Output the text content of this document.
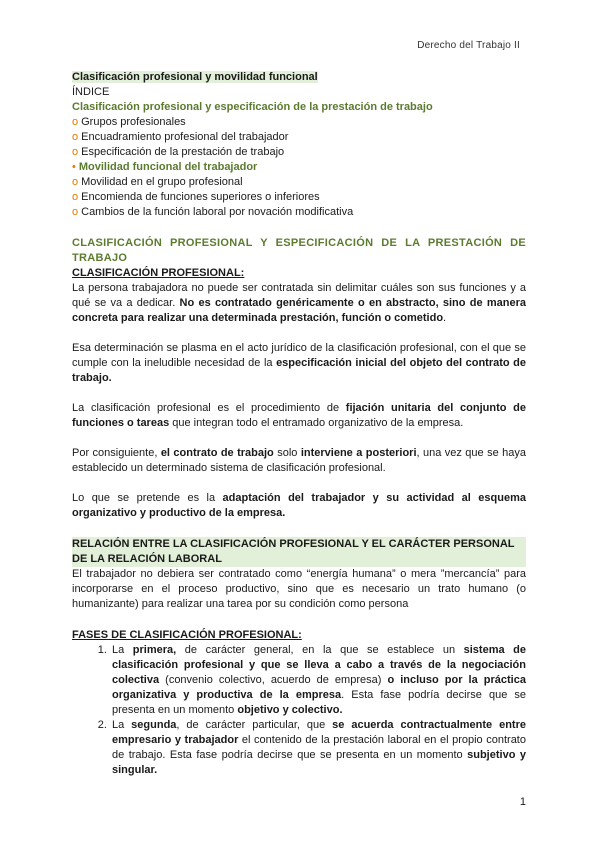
Derecho del Trabajo II
Clasificación profesional y movilidad funcional
ÍNDICE
Clasificación profesional y especificación de la prestación de trabajo
o Grupos profesionales
o Encuadramiento profesional del trabajador
o Especificación de la prestación de trabajo
• Movilidad funcional del trabajador
o Movilidad en el grupo profesional
o Encomienda de funciones superiores o inferiores
o Cambios de la función laboral por novación modificativa
CLASIFICACIÓN PROFESIONAL Y ESPECIFICACIÓN DE LA PRESTACIÓN DE TRABAJO
CLASIFICACIÓN PROFESIONAL:

La persona trabajadora no puede ser contratada sin delimitar cuáles son sus funciones y a qué se va a dedicar. No es contratado genéricamente o en abstracto, sino de manera concreta para realizar una determinada prestación, función o cometido.

Esa determinación se plasma en el acto jurídico de la clasificación profesional, con el que se cumple con la ineludible necesidad de la especificación inicial del objeto del contrato de trabajo.

La clasificación profesional es el procedimiento de fijación unitaria del conjunto de funciones o tareas que integran todo el entramado organizativo de la empresa.

Por consiguiente, el contrato de trabajo solo interviene a posteriori, una vez que se haya establecido un determinado sistema de clasificación profesional.

Lo que se pretende es la adaptación del trabajador y su actividad al esquema organizativo y productivo de la empresa.

RELACIÓN ENTRE LA CLASIFICACIÓN PROFESIONAL Y EL CARÁCTER PERSONAL DE LA RELACIÓN LABORAL

El trabajador no debiera ser contratado como “energía humana” o mera ”mercancía” para incorporarse en el proceso productivo, sino que es necesario un trato humano (o humanizante) para realizar una tarea por su condición como persona

FASES DE CLASIFICACIÓN PROFESIONAL:
1. La primera, de carácter general, en la que se establece un sistema de clasificación profesional y que se lleva a cabo a través de la negociación colectiva (convenio colectivo, acuerdo de empresa) o incluso por la práctica organizativa y productiva de la empresa. Esta fase podría decirse que se presenta en un momento objetivo y colectivo.
2. La segunda, de carácter particular, que se acuerda contractualmente entre empresario y trabajador el contenido de la prestación laboral en el propio contrato de trabajo. Esta fase podría decirse que se presenta en un momento subjetivo y singular.
1
